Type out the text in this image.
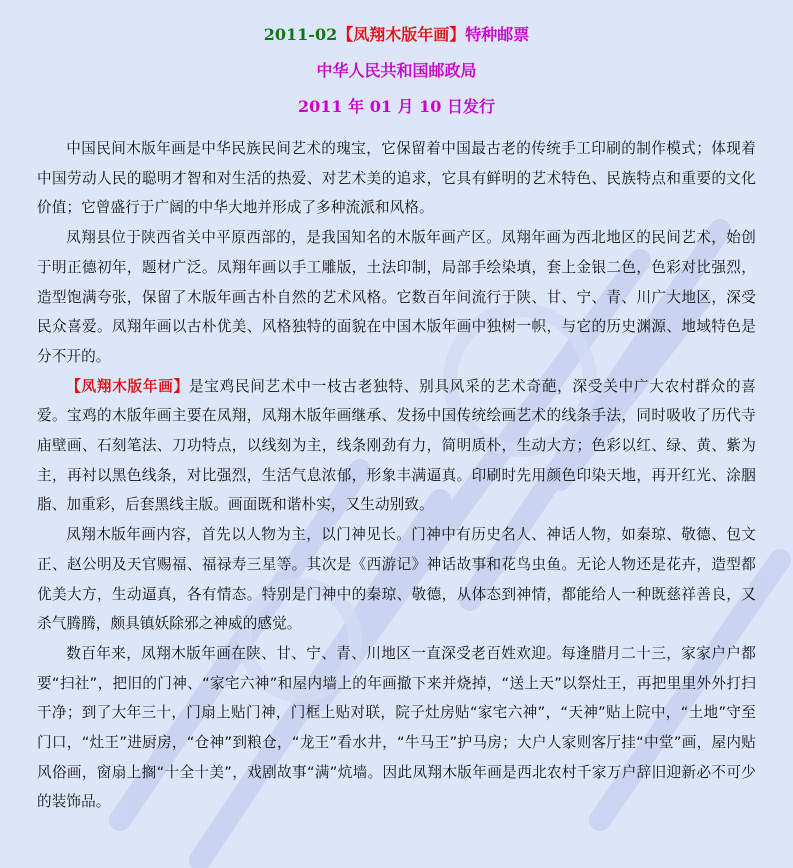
2011-02【凤翔木版年画】特种邮票
中华人民共和国邮政局
2011 年 01 月 10 日发行

中国民间木版年画是中华民族民间艺术的瑰宝，它保留着中国最古老的传统手工印刷的制作模式；体现着中国劳动人民的聪明才智和对生活的热爱、对艺术美的追求，它具有鲜明的艺术特色、民族特点和重要的文化价值；它曾盛行于广阔的中华大地并形成了多种流派和风格。

凤翔县位于陕西省关中平原西部的，是我国知名的木版年画产区。凤翔年画为西北地区的民间艺术，始创于明正德初年，题材广泛。凤翔年画以手工雕版，土法印制，局部手绘染填，套上金银二色，色彩对比强烈，造型饱满夸张，保留了木版年画古朴自然的艺术风格。它数百年间流行于陕、甘、宁、青、川广大地区，深受民众喜爱。凤翔年画以古朴优美、风格独特的面貌在中国木版年画中独树一帜，与它的历史渊源、地域特色是分不开的。

【凤翔木版年画】是宝鸡民间艺术中一枝古老独特、别具风采的艺术奇葩，深受关中广大农村群众的喜爱。宝鸡的木版年画主要在凤翔，凤翔木版年画继承、发扬中国传统绘画艺术的线条手法，同时吸收了历代寺庙壁画、石刻笔法、刀功特点，以线刻为主，线条刚劲有力，简明质朴，生动大方；色彩以红、绿、黄、紫为主，再衬以黑色线条，对比强烈，生活气息浓郁，形象丰满逼真。印刷时先用颜色印染天地，再开红光、涂胭脂、加重彩，后套黑线主版。画面既和谐朴实，又生动别致。

凤翔木版年画内容，首先以人物为主，以门神见长。门神中有历史名人、神话人物，如秦琼、敬德、包文正、赵公明及天官赐福、福禄寿三星等。其次是《西游记》神话故事和花鸟虫鱼。无论人物还是花卉，造型都优美大方，生动逼真，各有情态。特别是门神中的秦琼、敬德，从体态到神情，都能给人一种既慈祥善良，又杀气腾腾，颇具镇妖除邪之神威的感觉。

数百年来，凤翔木版年画在陕、甘、宁、青、川地区一直深受老百姓欢迎。每逢腊月二十三，家家户户都要“扫社”，把旧的门神、“家宅六神”和屋内墙上的年画撤下来并烧掉，“送上天”以祭灶王，再把里里外外打扫干净；到了大年三十，门扇上贴门神，门框上贴对联，院子灶房贴“家宅六神”，“天神”贴上院中，“土地”守至门口，“灶王”进厨房，“仓神”到粮仓，“龙王”看水井，“牛马王”护马房；大户人家则客厅挂“中堂”画，屋内贴风俗画，窗扇上搁“十全十美”，戏剧故事“满”炕墙。因此凤翔木版年画是西北农村千家万户辞旧迎新必不可少的装饰品。
